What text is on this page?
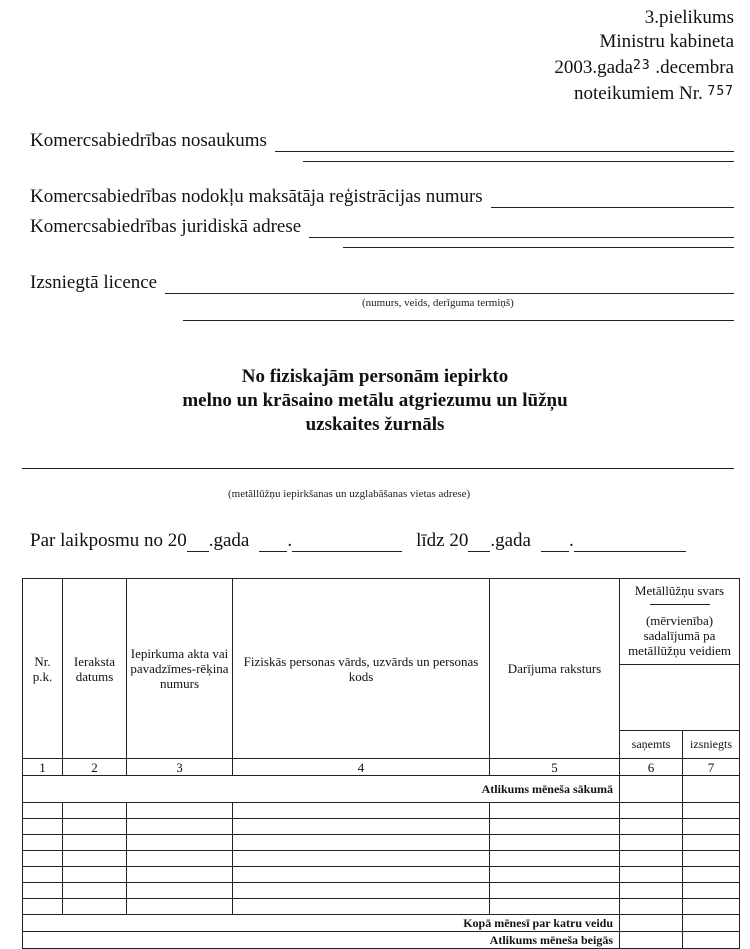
3.pielikums
Ministru kabineta
2003.gada$^{23}$ .decembra
noteikumiem Nr. $^{757}$
Komercsabiedrības nosaukums
Komercsabiedrības nodokļu maksātāja reģistrācijas numurs
Komercsabiedrības juridiskā adrese
Izsniegtā licence
(numurs, veids, derīguma termiņš)
No fiziskajām personām iepirkto
melno un krāsaino metālu atgriezumu un lūžņu
uzskaites žurnāls
(metāllūžņu iepirkšanas un uzglabāšanas vietas adrese)
Par laikposmu no 20 .gada .	līdz 20 .gada .
Nr. p.k.	Ieraksta datums	Iepirkuma akta vai pavadzīmes-rēķina numurs	Fiziskās personas vārds, uzvārds un personas kods	Darījuma raksturs	Metāllūžņu svars
(mērvienība)
sadalījumā pa metāllūžņu veidiem	

					saņemts	izsniegts
1	2	3	4	5	6	7
Atlikums mēneša sākumā						

Kopā mēnesī par katru veidu						
Atlikums mēneša beigās						
